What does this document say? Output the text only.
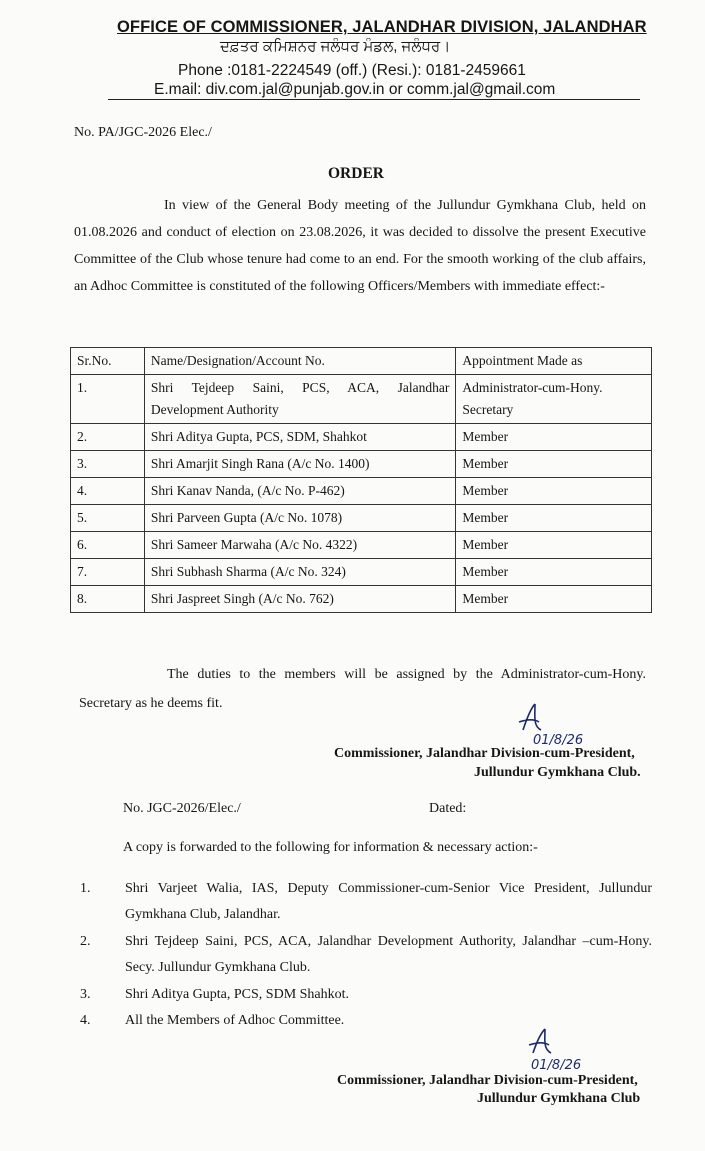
OFFICE OF COMMISSIONER, JALANDHAR DIVISION, JALANDHAR
ਦਫ਼ਤਰ ਕਮਿਸ਼ਨਰ ਜਲੰਧਰ ਮੰਡਲ, ਜਲੰਧਰ।
Phone :0181-2224549 (off.) (Resi.): 0181-2459661
E.mail: div.com.jal@punjab.gov.in or comm.jal@gmail.com
No. PA/JGC-2026 Elec./
ORDER
In view of the General Body meeting of the Jullundur Gymkhana Club, held on 01.08.2026 and conduct of election on 23.08.2026, it was decided to dissolve the present Executive Committee of the Club whose tenure had come to an end. For the smooth working of the club affairs, an Adhoc Committee is constituted of the following Officers/Members with immediate effect:-
Sr.No.	Name/Designation/Account No.	Appointment Made as
1.	Shri Tejdeep Saini, PCS, ACA, Jalandhar Development Authority	Administrator-cum-Hony. Secretary
2.	Shri Aditya Gupta, PCS, SDM, Shahkot	Member
3.	Shri Amarjit Singh Rana (A/c No. 1400)	Member
4.	Shri Kanav Nanda, (A/c No. P-462)	Member
5.	Shri Parveen Gupta (A/c No. 1078)	Member
6.	Shri Sameer Marwaha (A/c No. 4322)	Member
7.	Shri Subhash Sharma (A/c No. 324)	Member
8.	Shri Jaspreet Singh (A/c No. 762)	Member
The duties to the members will be assigned by the Administrator-cum-Hony. Secretary as he deems fit.
01/8/26
Commissioner, Jalandhar Division-cum-President,
Jullundur Gymkhana Club.
No. JGC-2026/Elec./	Dated:
A copy is forwarded to the following for information & necessary action:-
1. Shri Varjeet Walia, IAS, Deputy Commissioner-cum-Senior Vice President, Jullundur Gymkhana Club, Jalandhar.
2. Shri Tejdeep Saini, PCS, ACA, Jalandhar Development Authority, Jalandhar –cum-Hony. Secy. Jullundur Gymkhana Club.
3. Shri Aditya Gupta, PCS, SDM Shahkot.
4. All the Members of Adhoc Committee.
01/8/26
Commissioner, Jalandhar Division-cum-President,
Jullundur Gymkhana Club
